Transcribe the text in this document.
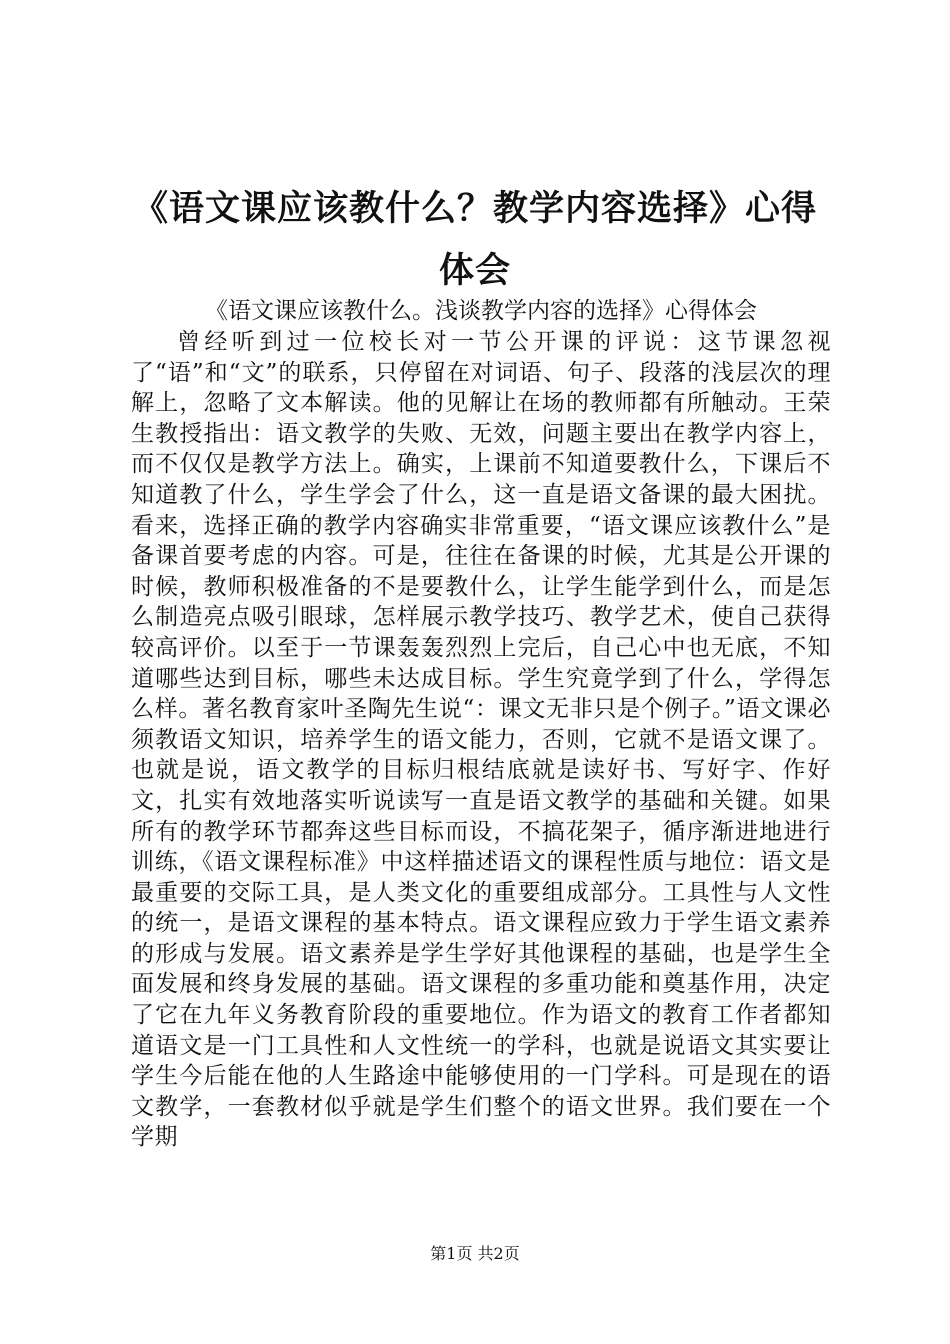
《语文课应该教什么？教学内容选择》心得体会

《语文课应该教什么。浅谈教学内容的选择》心得体会

曾经听到过一位校长对一节公开课的评说：这节课忽视了“语”和“文”的联系，只停留在对词语、句子、段落的浅层次的理解上，忽略了文本解读。他的见解让在场的教师都有所触动。王荣生教授指出：语文教学的失败、无效，问题主要出在教学内容上，而不仅仅是教学方法上。确实，上课前不知道要教什么，下课后不知道教了什么，学生学会了什么，这一直是语文备课的最大困扰。看来，选择正确的教学内容确实非常重要，“语文课应该教什么”是备课首要考虑的内容。可是，往往在备课的时候，尤其是公开课的时候，教师积极准备的不是要教什么，让学生能学到什么，而是怎么制造亮点吸引眼球，怎样展示教学技巧、教学艺术，使自己获得较高评价。以至于一节课轰轰烈烈上完后，自己心中也无底，不知道哪些达到目标，哪些未达成目标。学生究竟学到了什么，学得怎么样。著名教育家叶圣陶先生说“：课文无非只是个例子。”语文课必须教语文知识，培养学生的语文能力，否则，它就不是语文课了。也就是说，语文教学的目标归根结底就是读好书、写好字、作好文，扎实有效地落实听说读写一直是语文教学的基础和关键。如果所有的教学环节都奔这些目标而设，不搞花架子，循序渐进地进行训练，《语文课程标准》中这样描述语文的课程性质与地位：语文是最重要的交际工具，是人类文化的重要组成部分。工具性与人文性的统一，是语文课程的基本特点。语文课程应致力于学生语文素养的形成与发展。语文素养是学生学好其他课程的基础，也是学生全面发展和终身发展的基础。语文课程的多重功能和奠基作用，决定了它在九年义务教育阶段的重要地位。作为语文的教育工作者都知道语文是一门工具性和人文性统一的学科，也就是说语文其实要让学生今后能在他的人生路途中能够使用的一门学科。可是现在的语文教学，一套教材似乎就是学生们整个的语文世界。我们要在一个学期

第1页 共2页
